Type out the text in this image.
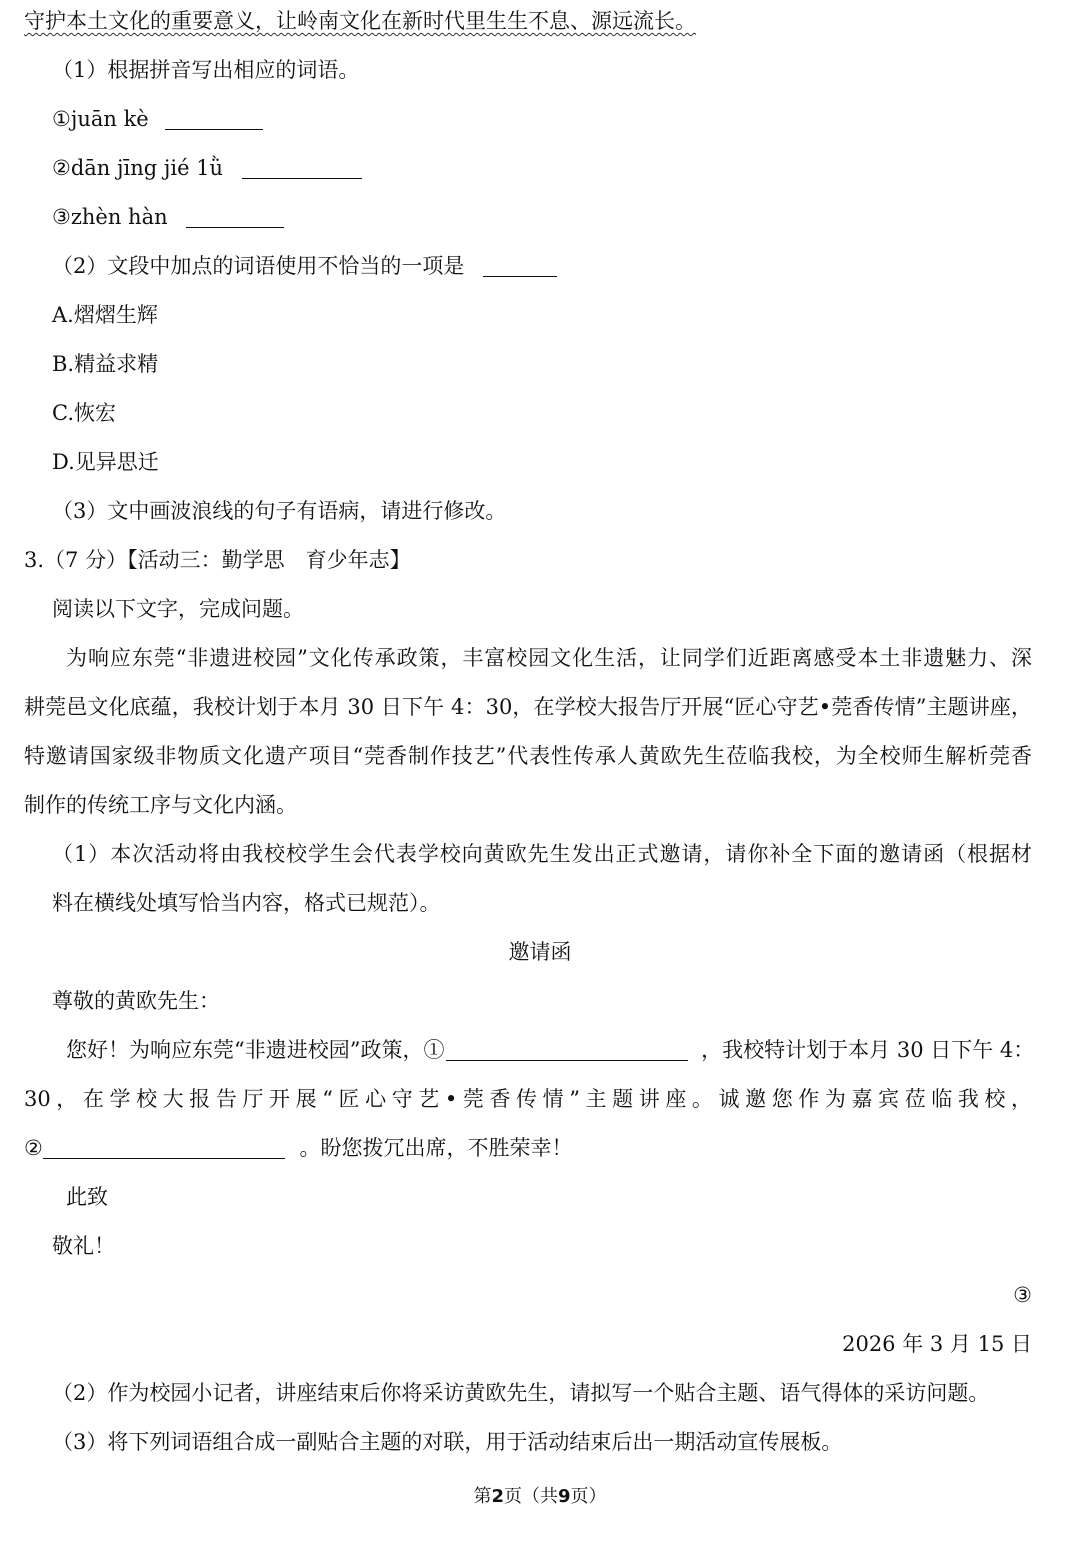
守护本土文化的重要意义，让岭南文化在新时代里生生不息、源远流长。
（1）根据拼音写出相应的词语。
①juān kè
②dān jīng jié 1ǜ
③zhèn hàn
（2）文段中加点的词语使用不恰当的一项是
A.熠熠生辉
B.精益求精
C.恢宏
D.见异思迁
（3）文中画波浪线的句子有语病，请进行修改。
3.（7 分）【活动三：勤学思　育少年志】
阅读以下文字，完成问题。
为响应东莞“非遗进校园”文化传承政策，丰富校园文化生活，让同学们近距离感受本土非遗魅力、深
耕莞邑文化底蕴，我校计划于本月 30 日下午 4：30，在学校大报告厅开展“匠心守艺•莞香传情”主题讲座，
特邀请国家级非物质文化遗产项目“莞香制作技艺”代表性传承人黄欧先生莅临我校，为全校师生解析莞香
制作的传统工序与文化内涵。
（1）本次活动将由我校校学生会代表学校向黄欧先生发出正式邀请，请你补全下面的邀请函（根据材
料在横线处填写恰当内容，格式已规范）。
邀请函
尊敬的黄欧先生：
您好！为响应东莞“非遗进校园”政策，①	，我校特计划于本月 30 日下午 4：
30，在学校大报告厅开展“匠心守艺•莞香传情”主题讲座。诚邀您作为嘉宾莅临我校，
②	。盼您拨冗出席，不胜荣幸！
此致
敬礼！
③
2026 年 3 月 15 日
（2）作为校园小记者，讲座结束后你将采访黄欧先生，请拟写一个贴合主题、语气得体的采访问题。
（3）将下列词语组合成一副贴合主题的对联，用于活动结束后出一期活动宣传展板。
第2页（共9页）
